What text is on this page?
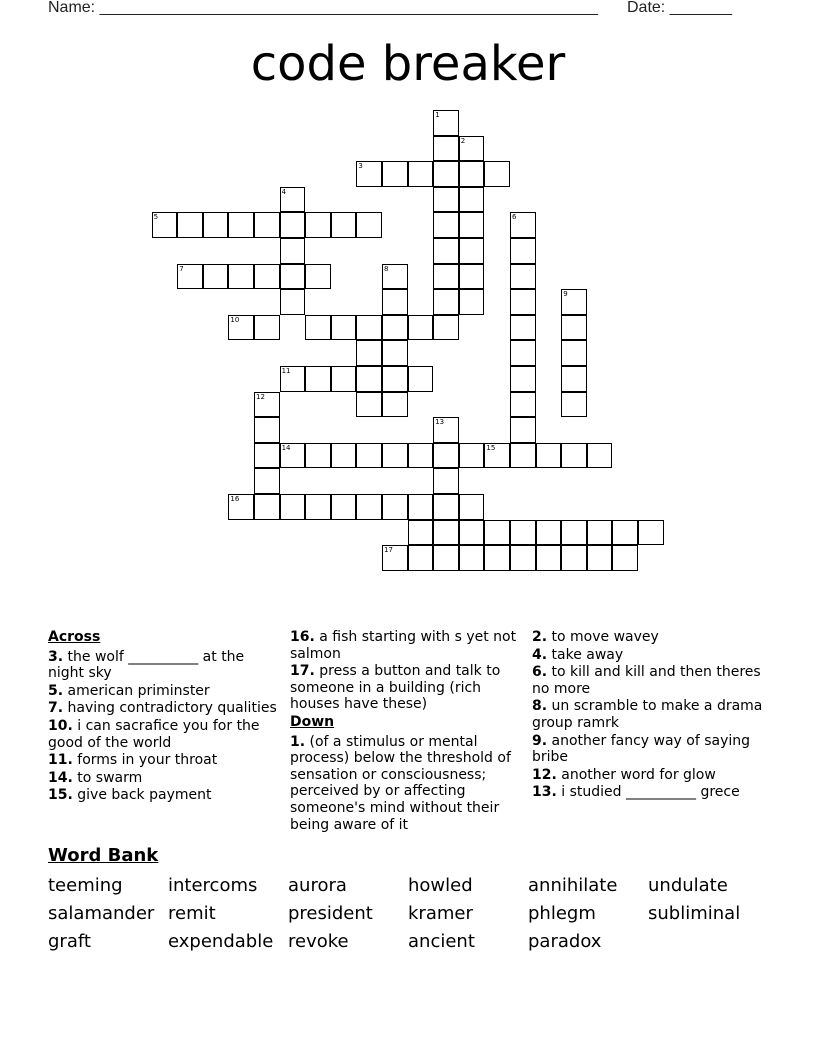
Name: ________________________________________________________ Date: _______
code breaker
1
2
3
4
5	6
7	8
9
10
11
12
13
14	15
16
17
Across
3. the wolf __________ at the night sky
5. american priminster
7. having contradictory qualities
10. i can sacrafice you for the good of the world
11. forms in your throat
14. to swarm
15. give back payment
16. a fish starting with s yet not salmon
17. press a button and talk to someone in a building (rich houses have these)
Down
1. (of a stimulus or mental process) below the threshold of sensation or consciousness; perceived by or affecting someone's mind without their being aware of it
2. to move wavey
4. take away
6. to kill and kill and then theres no more
8. un scramble to make a drama group ramrk
9. another fancy way of saying bribe
12. another word for glow
13. i studied __________ grece
Word Bank
teeming	intercoms aurora	howled	annihilate undulate
salamander remit	president kramer	phlegm	subliminal
graft	expendable revoke	ancient	paradox
